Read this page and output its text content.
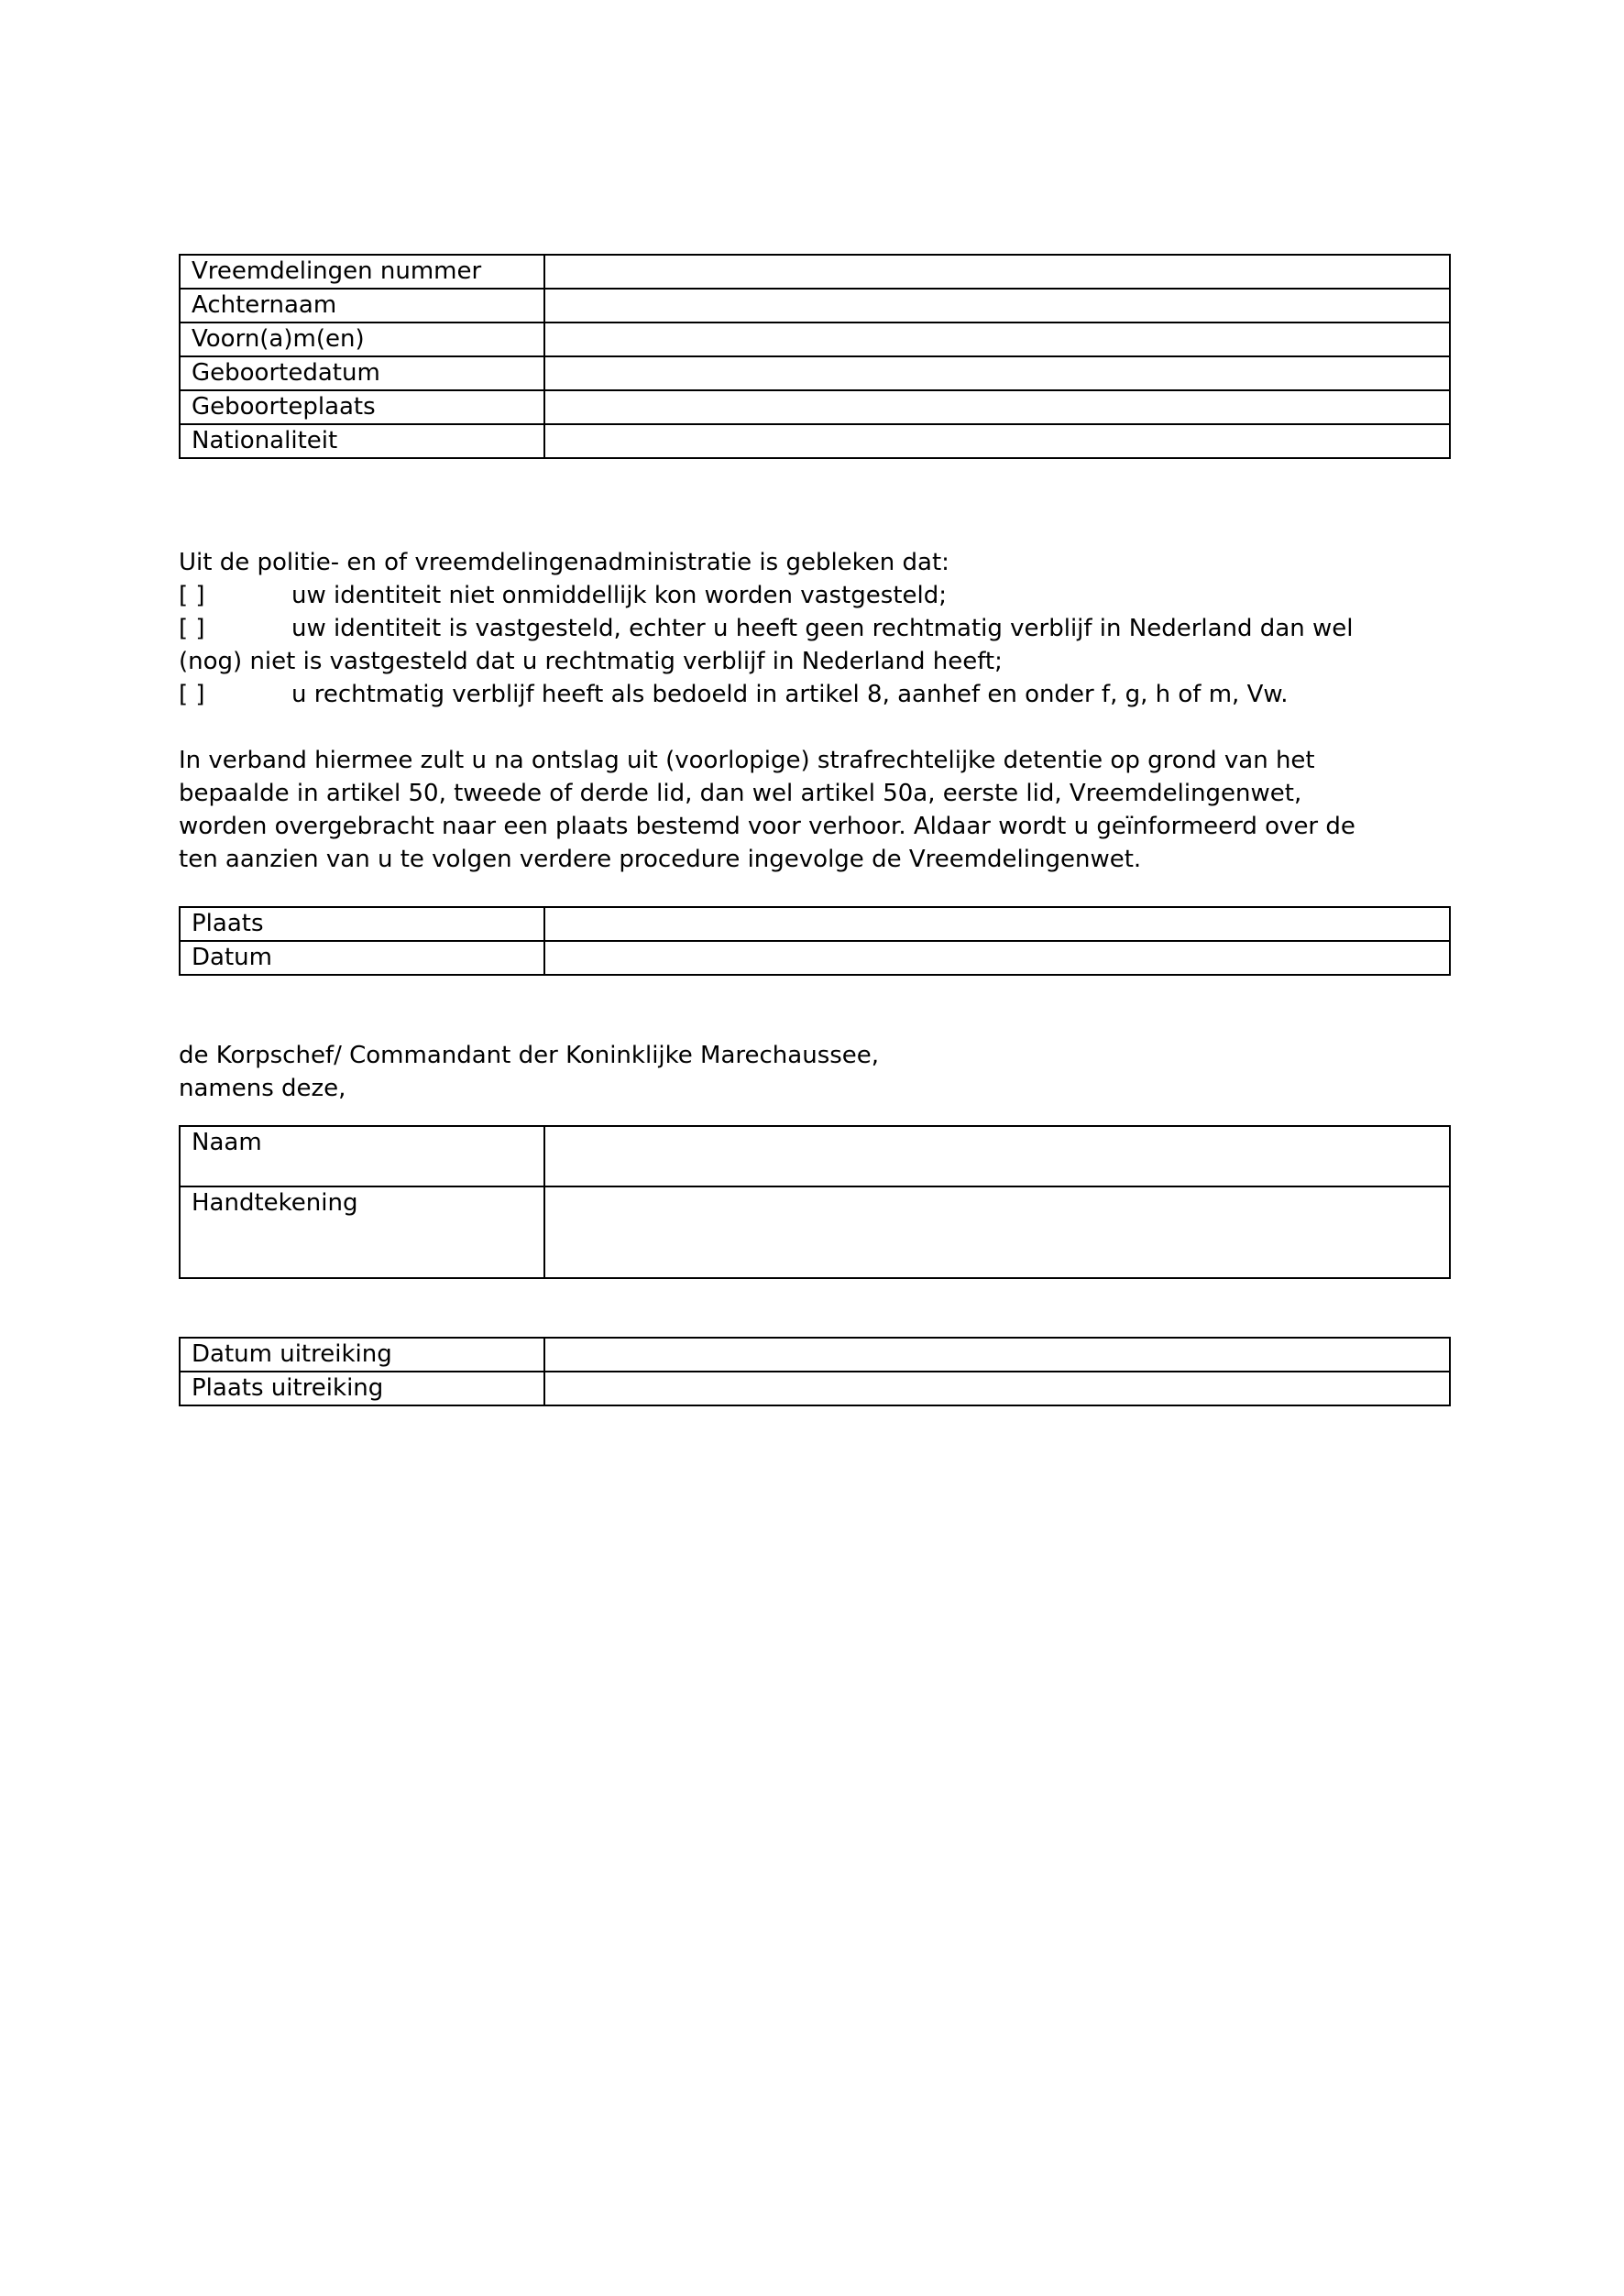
Vreemdelingen nummer	
Achternaam	
Voorn(a)m(en)	
Geboortedatum	
Geboorteplaats	
Nationaliteit	
Uit de politie- en of vreemdelingenadministratie is gebleken dat:
[ ]	uw identiteit niet onmiddellijk kon worden vastgesteld;
[ ]	uw identiteit is vastgesteld, echter u heeft geen rechtmatig verblijf in Nederland dan wel
(nog) niet is vastgesteld dat u rechtmatig verblijf in Nederland heeft;
[ ]	u rechtmatig verblijf heeft als bedoeld in artikel 8, aanhef en onder f, g, h of m, Vw.
In verband hiermee zult u na ontslag uit (voorlopige) strafrechtelijke detentie op grond van het
bepaalde in artikel 50, tweede of derde lid, dan wel artikel 50a, eerste lid, Vreemdelingenwet,
worden overgebracht naar een plaats bestemd voor verhoor. Aldaar wordt u geïnformeerd over de
ten aanzien van u te volgen verdere procedure ingevolge de Vreemdelingenwet.
Plaats	
Datum	
de Korpschef/ Commandant der Koninklijke Marechaussee,
namens deze,
Naam	
Handtekening	
Datum uitreiking	
Plaats uitreiking	
